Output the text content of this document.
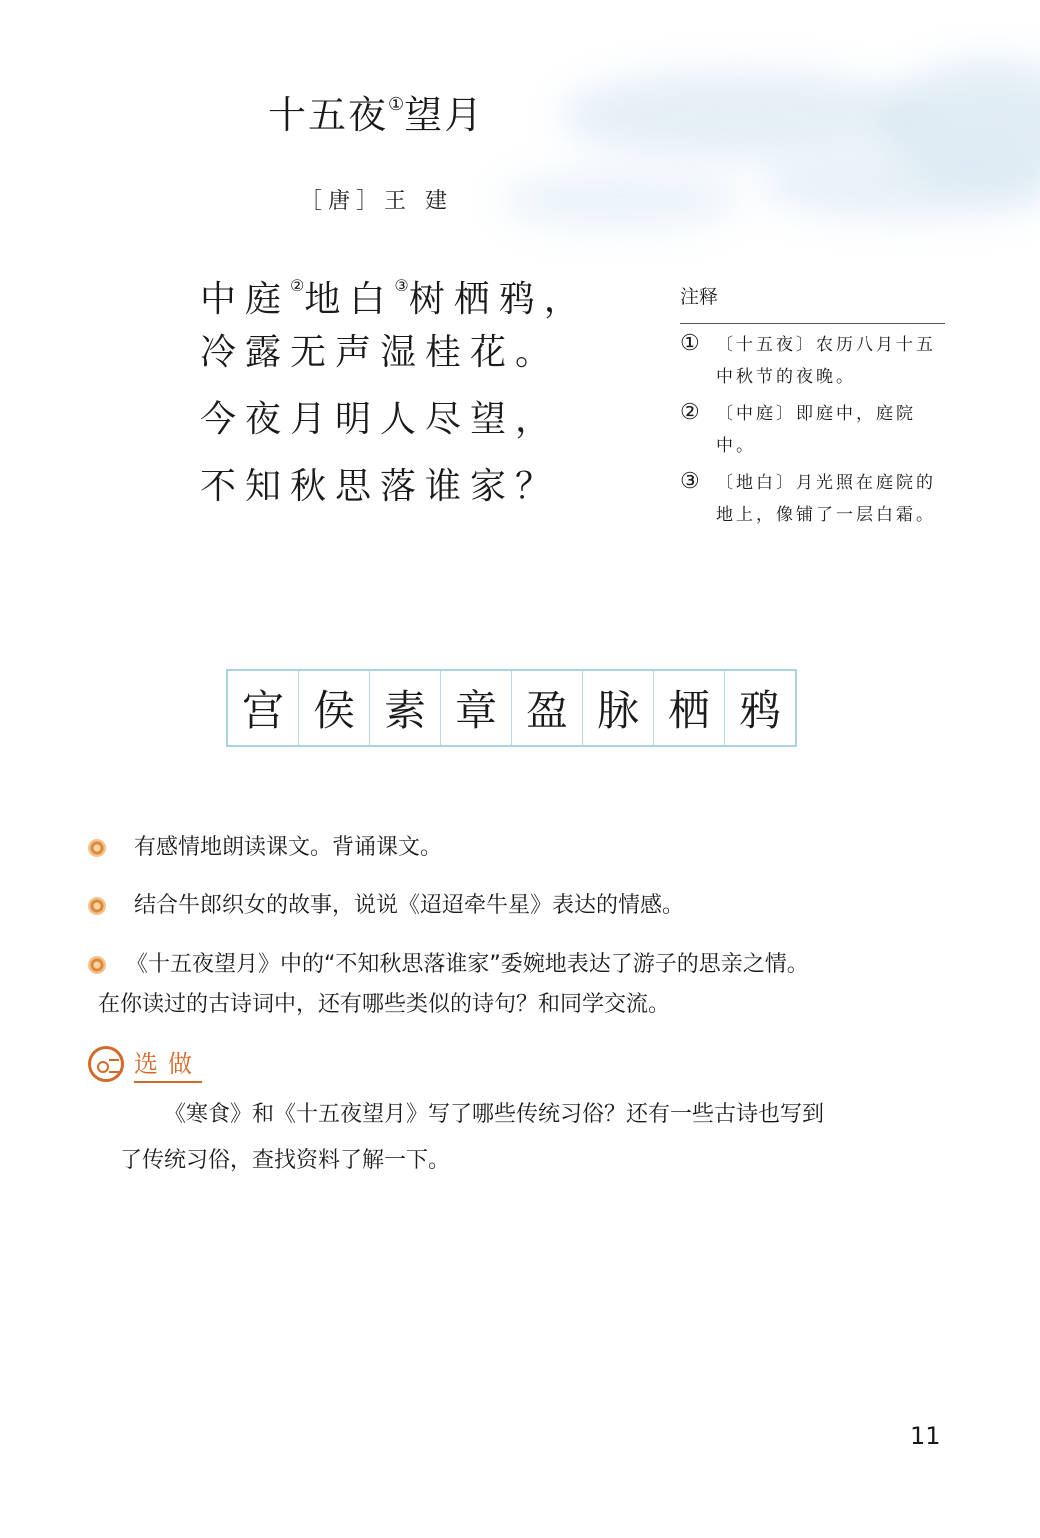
十五夜①望月
［唐］王 建
中庭②地白③树栖鸦，
冷露无声湿桂花。
今夜月明人尽望，
不知秋思落谁家？
注释
① 〔十五夜〕农历八月十五中秋节的夜晚。
② 〔中庭〕即庭中，庭院中。
③ 〔地白〕月光照在庭院的地上，像铺了一层白霜。
宫 侯 素 章 盈 脉 栖 鸦
有感情地朗读课文。背诵课文。
结合牛郎织女的故事，说说《迢迢牵牛星》表达的情感。
《十五夜望月》中的“不知秋思落谁家”委婉地表达了游子的思亲之情。
在你读过的古诗词中，还有哪些类似的诗句？和同学交流。
选做
《寒食》和《十五夜望月》写了哪些传统习俗？还有一些古诗也写到
了传统习俗，查找资料了解一下。
11
